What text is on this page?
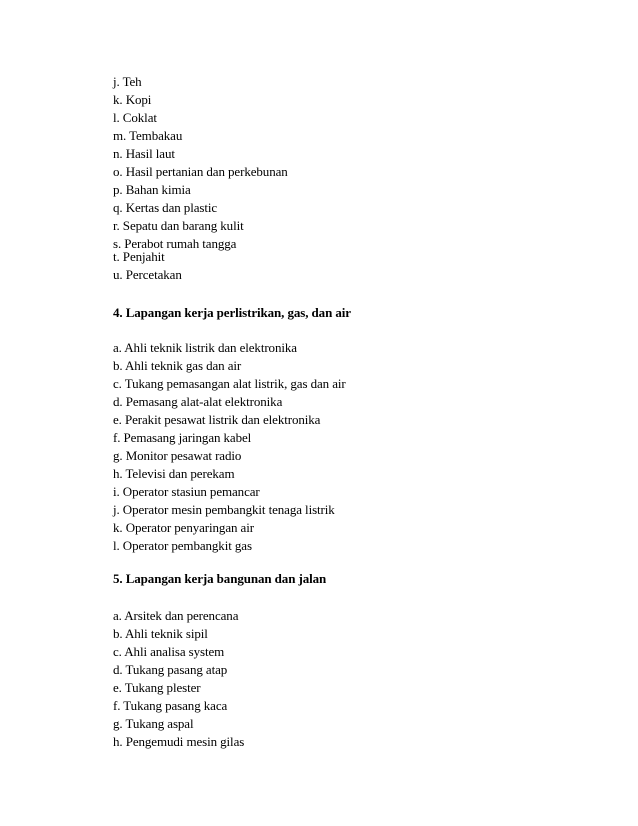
j. Teh
k. Kopi
l. Coklat
m. Tembakau
n. Hasil laut
o. Hasil pertanian dan perkebunan
p. Bahan kimia
q. Kertas dan plastic
r. Sepatu dan barang kulit
s. Perabot rumah tangga
t. Penjahit
u. Percetakan
4. Lapangan kerja perlistrikan, gas, dan air
a. Ahli teknik listrik dan elektronika
b. Ahli teknik gas dan air
c. Tukang pemasangan alat listrik, gas dan air
d. Pemasang alat-alat elektronika
e. Perakit pesawat listrik dan elektronika
f. Pemasang jaringan kabel
g. Monitor pesawat radio
h. Televisi dan perekam
i. Operator stasiun pemancar
j. Operator mesin pembangkit tenaga listrik
k. Operator penyaringan air
l. Operator pembangkit gas
5. Lapangan kerja bangunan dan jalan
a. Arsitek dan perencana
b. Ahli teknik sipil
c. Ahli analisa system
d. Tukang pasang atap
e. Tukang plester
f. Tukang pasang kaca
g. Tukang aspal
h. Pengemudi mesin gilas
